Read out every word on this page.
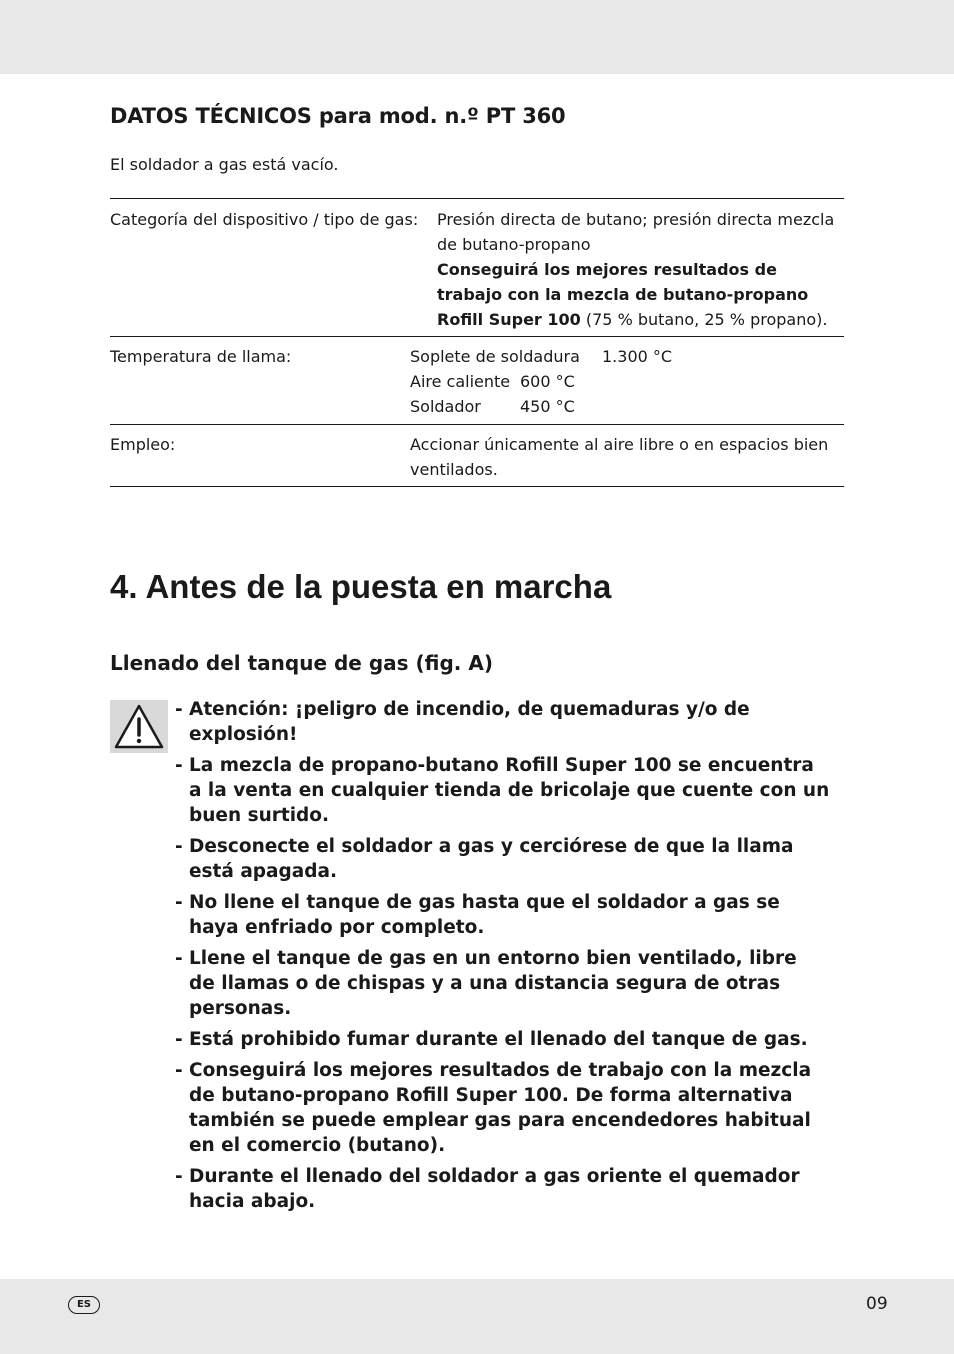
DATOS TÉCNICOS para mod. n.º PT 360

El soldador a gas está vacío.

Categoría del dispositivo / tipo de gas: Presión directa de butano; presión directa mezcla
de butano-propano
Conseguirá los mejores resultados de
trabajo con la mezcla de butano-propano
Rofill Super 100 (75 % butano, 25 % propano).
Temperatura de llama:	Soplete de soldadura 1.300 °C
Aire caliente 600 °C
Soldador 450 °C
Empleo:	Accionar únicamente al aire libre o en espacios bien
ventilados.
4. Antes de la puesta en marcha
Llenado del tanque de gas (fig. A)
- Atención: ¡peligro de incendio, de quemaduras y/o de
explosión!
- La mezcla de propano-butano Rofill Super 100 se encuentra
a la venta en cualquier tienda de bricolaje que cuente con un
buen surtido.
- Desconecte el soldador a gas y cerciórese de que la llama
está apagada.
- No llene el tanque de gas hasta que el soldador a gas se
haya enfriado por completo.
- Llene el tanque de gas en un entorno bien ventilado, libre
de llamas o de chispas y a una distancia segura de otras
personas.
- Está prohibido fumar durante el llenado del tanque de gas.
- Conseguirá los mejores resultados de trabajo con la mezcla
de butano-propano Rofill Super 100. De forma alternativa
también se puede emplear gas para encendedores habitual
en el comercio (butano).
- Durante el llenado del soldador a gas oriente el quemador
hacia abajo.
ES	09
